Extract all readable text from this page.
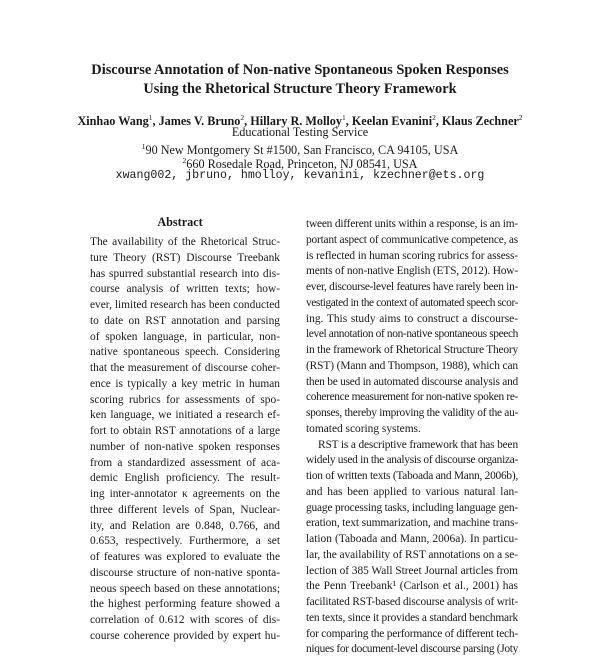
Discourse Annotation of Non-native Spontaneous Spoken Responses
Using the Rhetorical Structure Theory Framework
Xinhao Wang$^1$, James V. Bruno$^2$, Hillary R. Molloy$^1$, Keelan Evanini$^2$, Klaus Zechner$^2$
Educational Testing Service
$^1$90 New Montgomery St #1500, San Francisco, CA 94105, USA
$^2$660 Rosedale Road, Princeton, NJ 08541, USA
xwang002, jbruno, hmolloy, kevanini, kzechner@ets.org
Abstract
The availability of the Rhetorical Struc-
ture Theory (RST) Discourse Treebank
has spurred substantial research into dis-
course analysis of written texts; how-
ever, limited research has been conducted
to date on RST annotation and parsing
of spoken language, in particular, non-
native spontaneous speech. Considering
that the measurement of discourse coher-
ence is typically a key metric in human
scoring rubrics for assessments of spo-
ken language, we initiated a research ef-
fort to obtain RST annotations of a large
number of non-native spoken responses
from a standardized assessment of aca-
demic English proficiency. The result-
ing inter-annotator κ agreements on the
three different levels of Span, Nuclear-
ity, and Relation are 0.848, 0.766, and
0.653, respectively. Furthermore, a set
of features was explored to evaluate the
discourse structure of non-native sponta-
neous speech based on these annotations;
the highest performing feature showed a
correlation of 0.612 with scores of dis-
course coherence provided by expert hu-
tween different units within a response, is an im-
portant aspect of communicative competence, as
is reflected in human scoring rubrics for assess-
ments of non-native English (ETS, 2012). How-
ever, discourse-level features have rarely been in-
vestigated in the context of automated speech scor-
ing. This study aims to construct a discourse-
level annotation of non-native spontaneous speech
in the framework of Rhetorical Structure Theory
(RST) (Mann and Thompson, 1988), which can
then be used in automated discourse analysis and
coherence measurement for non-native spoken re-
sponses, thereby improving the validity of the au-
tomated scoring systems.
RST is a descriptive framework that has been
widely used in the analysis of discourse organiza-
tion of written texts (Taboada and Mann, 2006b),
and has been applied to various natural lan-
guage processing tasks, including language gen-
eration, text summarization, and machine trans-
lation (Taboada and Mann, 2006a). In particu-
lar, the availability of RST annotations on a se-
lection of 385 Wall Street Journal articles from
the Penn Treebank¹ (Carlson et al., 2001) has
facilitated RST-based discourse analysis of writ-
ten texts, since it provides a standard benchmark
for comparing the performance of different tech-
niques for document-level discourse parsing (Joty
